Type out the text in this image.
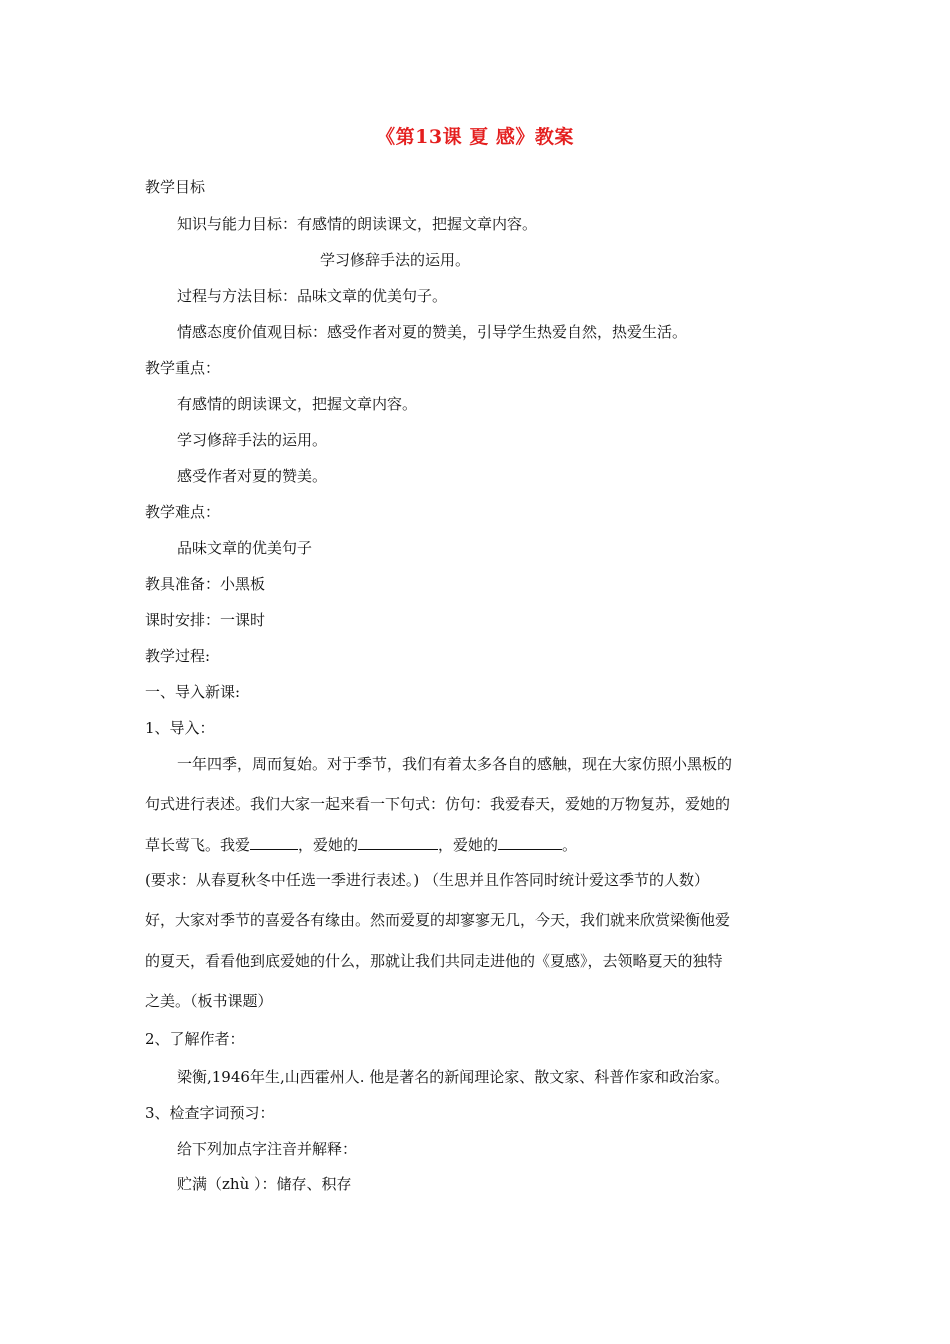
《第13课 夏 感》教案
教学目标
知识与能力目标：有感情的朗读课文，把握文章内容。
学习修辞手法的运用。
过程与方法目标：品味文章的优美句子。
情感态度价值观目标：感受作者对夏的赞美，引导学生热爱自然，热爱生活。
教学重点：
有感情的朗读课文，把握文章内容。
学习修辞手法的运用。
感受作者对夏的赞美。
教学难点：
品味文章的优美句子
教具准备：小黑板
课时安排：一课时
教学过程:
一、导入新课:
1、导入：
一年四季，周而复始。对于季节，我们有着太多各自的感触，现在大家仿照小黑板的
句式进行表述。我们大家一起来看一下句式：仿句：我爱春天，爱她的万物复苏，爱她的
草长莺飞。我爱	，爱她的	，爱她的	。
(要求：从春夏秋冬中任选一季进行表述。) （生思并且作答同时统计爱这季节的人数）
好，大家对季节的喜爱各有缘由。然而爱夏的却寥寥无几，今天，我们就来欣赏梁衡他爱
的夏天，看看他到底爱她的什么，那就让我们共同走进他的《夏感》，去领略夏天的独特
之美。（板书课题）
2、了解作者：
梁衡,1946年生,山西霍州人. 他是著名的新闻理论家、散文家、科普作家和政治家。
3、检查字词预习：
给下列加点字注音并解释：
贮满（zhù ）：储存、积存
